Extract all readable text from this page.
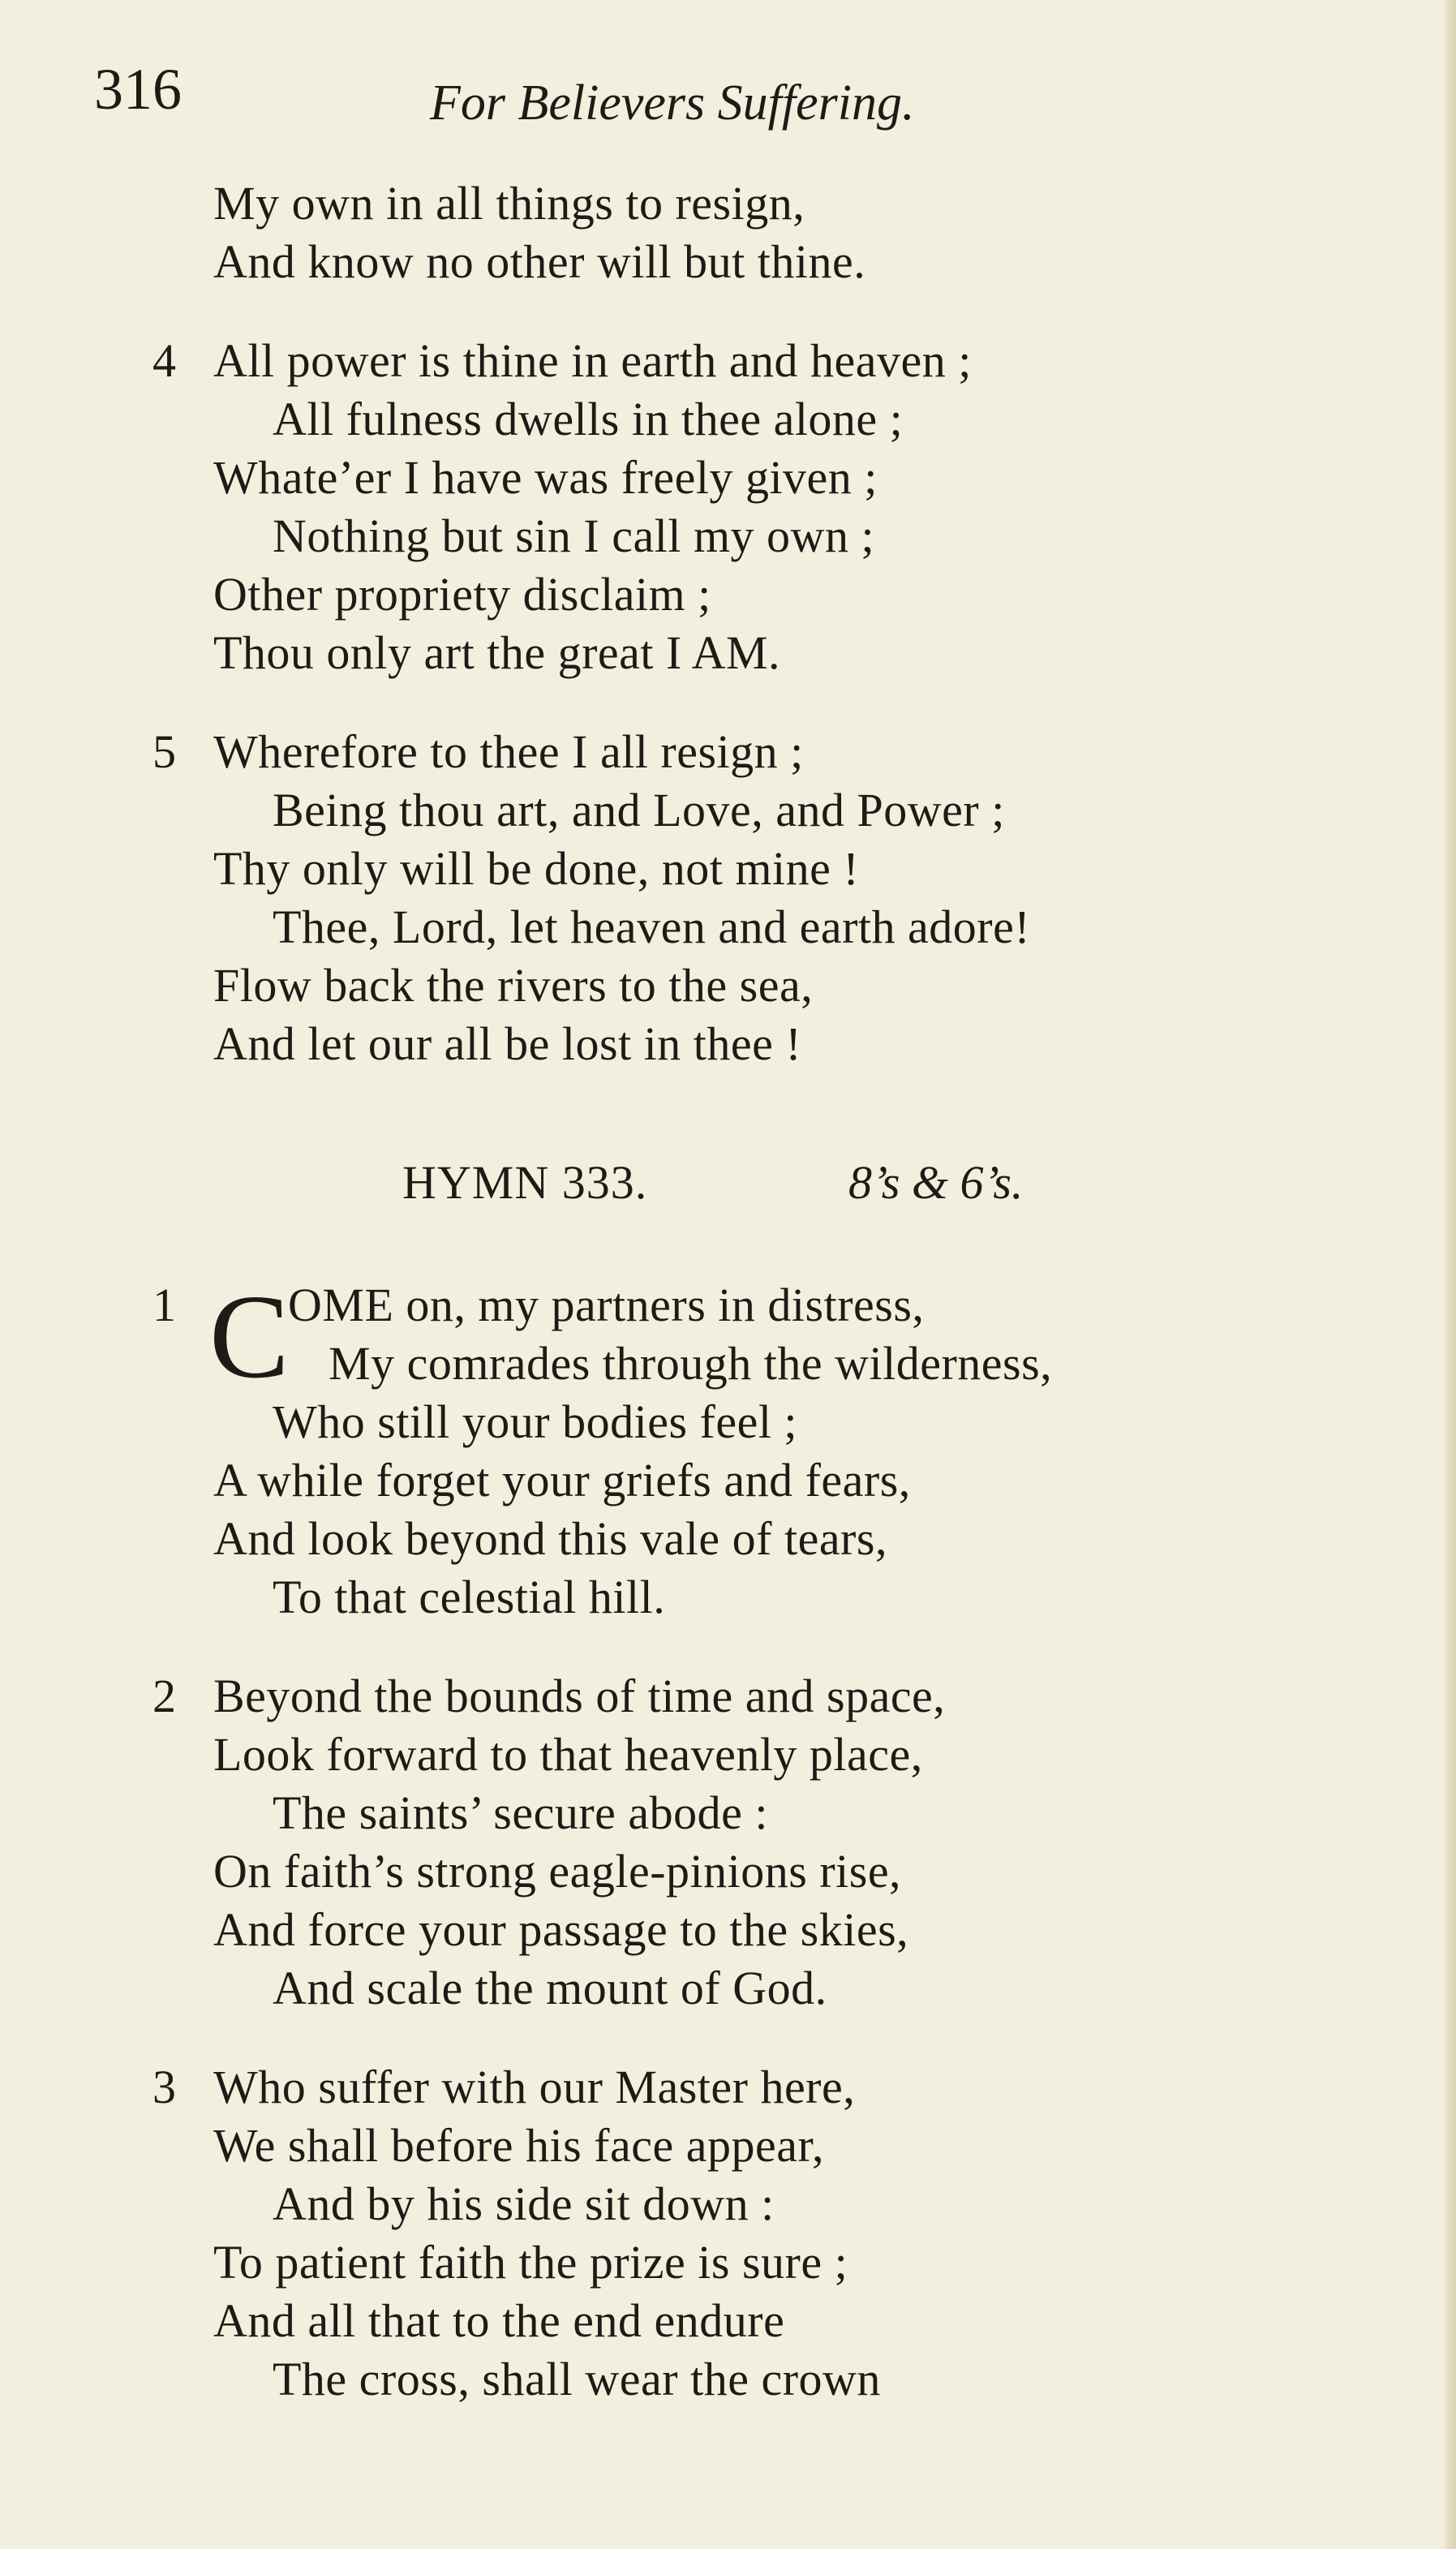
316	For Believers Suffering.
My own in all things to resign,
And know no other will but thine.
4 All power is thine in earth and heaven ;
All fulness dwells in thee alone ;
Whate’er I have was freely given ;
Nothing but sin I call my own ;
Other propriety disclaim ;
Thou only art the great I AM.
5 Wherefore to thee I all resign ;
Being thou art, and Love, and Power ;
Thy only will be done, not mine !
Thee, Lord, let heaven and earth adore!
Flow back the rivers to the sea,
And let our all be lost in thee !
HYMN 333.	8’s & 6’s.
1 C
OME on, my partners in distress,
My comrades through the wilderness,
Who still your bodies feel ;
A while forget your griefs and fears,
And look beyond this vale of tears,
To that celestial hill.
2 Beyond the bounds of time and space,
Look forward to that heavenly place,
The saints’ secure abode :
On faith’s strong eagle-pinions rise,
And force your passage to the skies,
And scale the mount of God.
3 Who suffer with our Master here,
We shall before his face appear,
And by his side sit down :
To patient faith the prize is sure ;
And all that to the end endure
The cross, shall wear the crown
